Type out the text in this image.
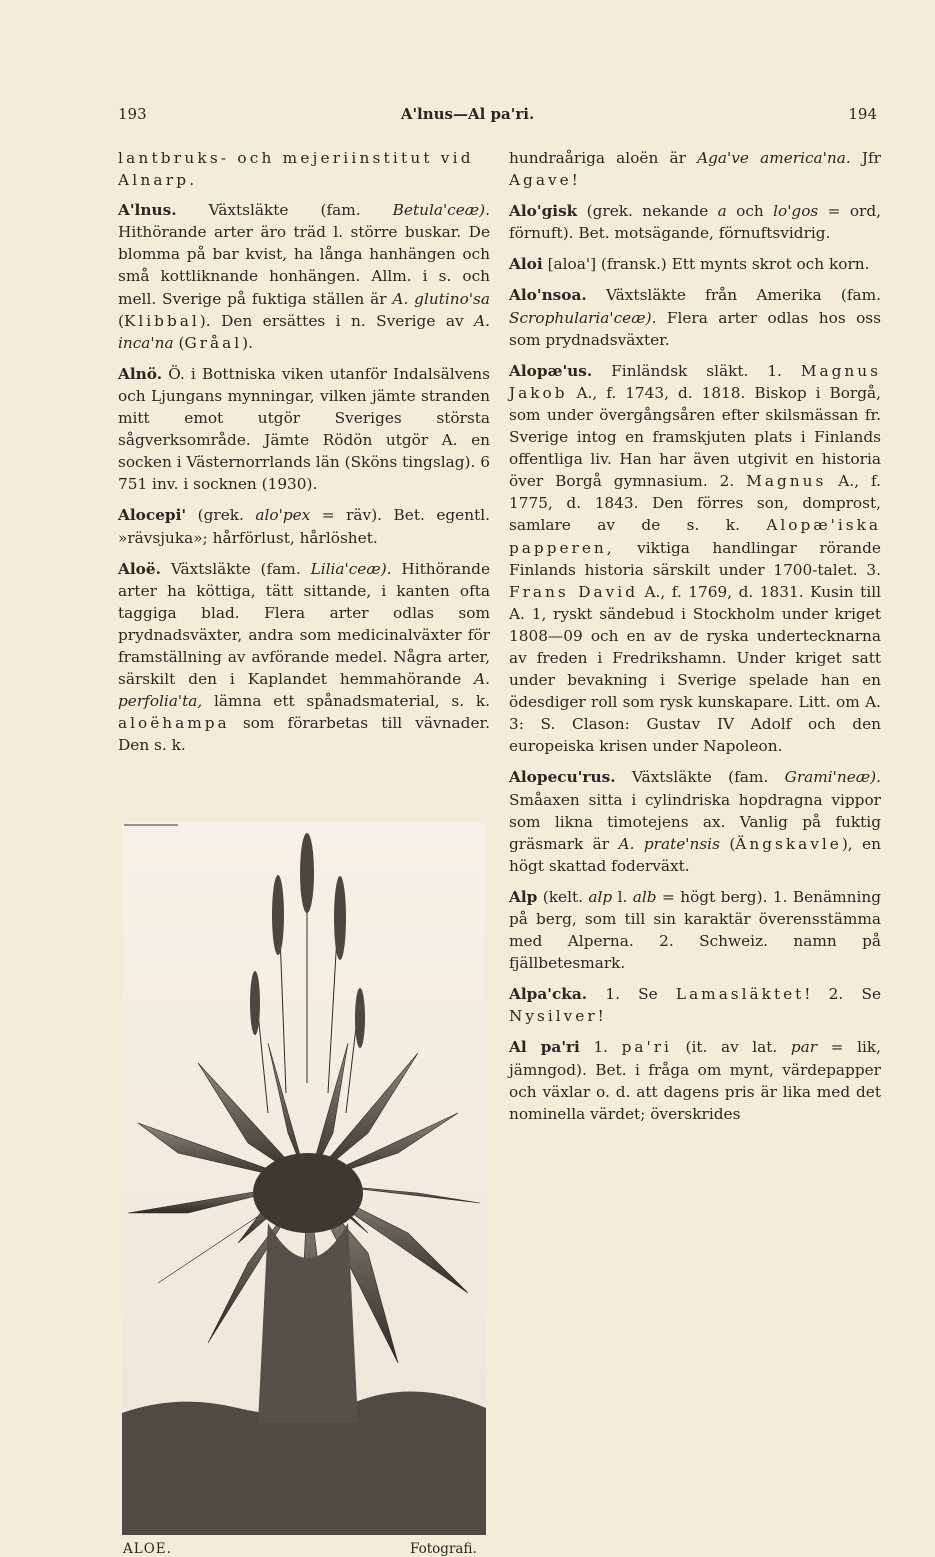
193	A'lnus—Al pa'ri.	194

lantbruks- och mejeriinstitut vid Alnarp.

A'lnus. Växtsläkte (fam. Betula'ceæ). Hithörande arter äro träd l. större buskar. De blomma på bar kvist, ha långa hanhängen och små kottliknande honhängen. Allm. i s. och mell. Sverige på fuktiga ställen är A. glutino'sa (Klibbal). Den ersättes i n. Sverige av A. inca'na (Gråal).

Alnö. Ö. i Bottniska viken utanför Indalsälvens och Ljungans mynningar, vilken jämte stranden mitt emot utgör Sveriges största sågverksområde. Jämte Rödön utgör A. en socken i Västernorrlands län (Sköns tingslag). 6 751 inv. i socknen (1930).

Alocepi' (grek. alo'pex = räv). Bet. egentl. »rävsjuka»; hårförlust, hårlöshet.

Aloë. Växtsläkte (fam. Lilia'ceæ). Hithörande arter ha köttiga, tätt sittande, i kanten ofta taggiga blad. Flera arter odlas som prydnadsväxter, andra som medicinalväxter för framställning av avförande medel. Några arter, särskilt den i Kaplandet hemmahörande A. perfolia'ta, lämna ett spånadsmaterial, s. k. aloëhampa som förarbetas till vävnader. Den s. k.

ALOE.	Fotografi.

hundraåriga aloën är Aga've america'na. Jfr Agave!

Alo'gisk (grek. nekande a och lo'gos = ord, förnuft). Bet. motsägande, förnuftsvidrig.

Aloi [aloa'] (fransk.) Ett mynts skrot och korn.

Alo'nsoa. Växtsläkte från Amerika (fam. Scrophularia'ceæ). Flera arter odlas hos oss som prydnadsväxter.

Alopæ'us. Finländsk släkt. 1. Magnus Jakob A., f. 1743, d. 1818. Biskop i Borgå, som under övergångsåren efter skilsmässan fr. Sverige intog en framskjuten plats i Finlands offentliga liv. Han har även utgivit en historia över Borgå gymnasium. 2. Magnus A., f. 1775, d. 1843. Den förres son, domprost, samlare av de s. k. Alopæ'iska papperen, viktiga handlingar rörande Finlands historia särskilt under 1700-talet. 3. Frans David A., f. 1769, d. 1831. Kusin till A. 1, ryskt sändebud i Stockholm under kriget 1808—09 och en av de ryska undertecknarna av freden i Fredrikshamn. Under kriget satt under bevakning i Sverige spelade han en ödesdiger roll som rysk kunskapare. Litt. om A. 3: S. Clason: Gustav IV Adolf och den europeiska krisen under Napoleon.

Alopecu'rus. Växtsläkte (fam. Grami'neæ). Småaxen sitta i cylindriska hopdragna vippor som likna timotejens ax. Vanlig på fuktig gräsmark är A. prate'nsis (Ängskavle), en högt skattad foderväxt.

Alp (kelt. alp l. alb = högt berg). 1. Benämning på berg, som till sin karaktär överensstämma med Alperna. 2. Schweiz. namn på fjällbetesmark.

Alpa'cka. 1. Se Lamasläktet! 2. Se Nysilver!

Al pa'ri 1. pa'ri (it. av lat. par = lik, jämngod). Bet. i fråga om mynt, värdepapper och växlar o. d. att dagens pris är lika med det nominella värdet; överskrides
